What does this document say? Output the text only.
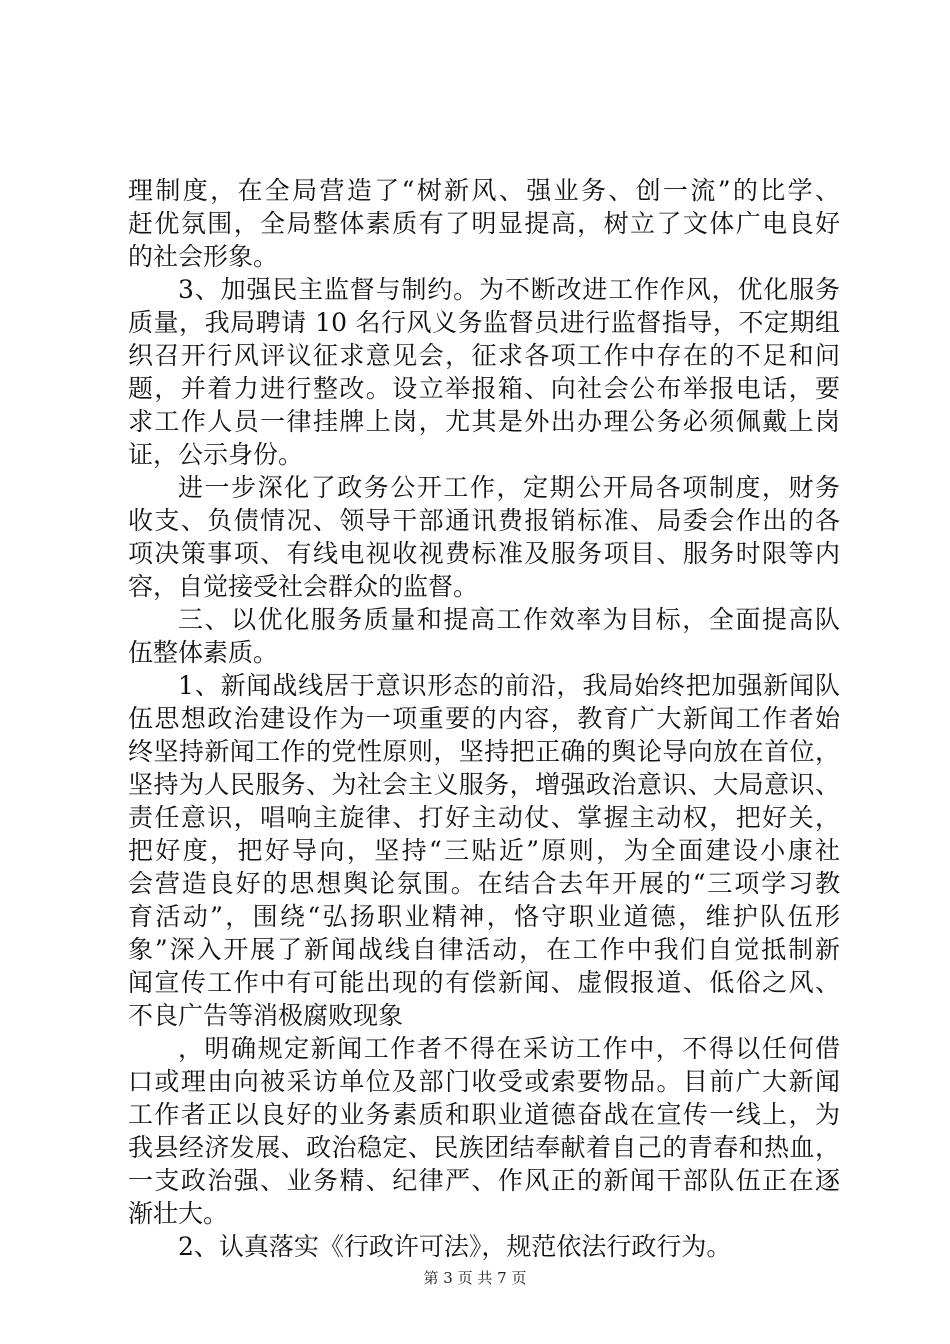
理制度，在全局营造了“树新风、强业务、创一流”的比学、
赶优氛围，全局整体素质有了明显提高，树立了文体广电良好
的社会形象。
3、加强民主监督与制约。为不断改进工作作风，优化服务
质量，我局聘请 10 名行风义务监督员进行监督指导，不定期组
织召开行风评议征求意见会，征求各项工作中存在的不足和问
题，并着力进行整改。设立举报箱、向社会公布举报电话，要
求工作人员一律挂牌上岗，尤其是外出办理公务必须佩戴上岗
证，公示身份。
进一步深化了政务公开工作，定期公开局各项制度，财务
收支、负债情况、领导干部通讯费报销标准、局委会作出的各
项决策事项、有线电视收视费标准及服务项目、服务时限等内
容，自觉接受社会群众的监督。
三、以优化服务质量和提高工作效率为目标，全面提高队
伍整体素质。
1、新闻战线居于意识形态的前沿，我局始终把加强新闻队
伍思想政治建设作为一项重要的内容，教育广大新闻工作者始
终坚持新闻工作的党性原则，坚持把正确的舆论导向放在首位，
坚持为人民服务、为社会主义服务，增强政治意识、大局意识、
责任意识，唱响主旋律、打好主动仗、掌握主动权，把好关，
把好度，把好导向，坚持“三贴近”原则，为全面建设小康社
会营造良好的思想舆论氛围。在结合去年开展的“三项学习教
育活动”，围绕“弘扬职业精神，恪守职业道德，维护队伍形
象”深入开展了新闻战线自律活动，在工作中我们自觉抵制新
闻宣传工作中有可能出现的有偿新闻、虚假报道、低俗之风、
不良广告等消极腐败现象
，明确规定新闻工作者不得在采访工作中，不得以任何借
口或理由向被采访单位及部门收受或索要物品。目前广大新闻
工作者正以良好的业务素质和职业道德奋战在宣传一线上，为
我县经济发展、政治稳定、民族团结奉献着自己的青春和热血，
一支政治强、业务精、纪律严、作风正的新闻干部队伍正在逐
渐壮大。
2、认真落实《行政许可法》，规范依法行政行为。
第 3 页 共 7 页
